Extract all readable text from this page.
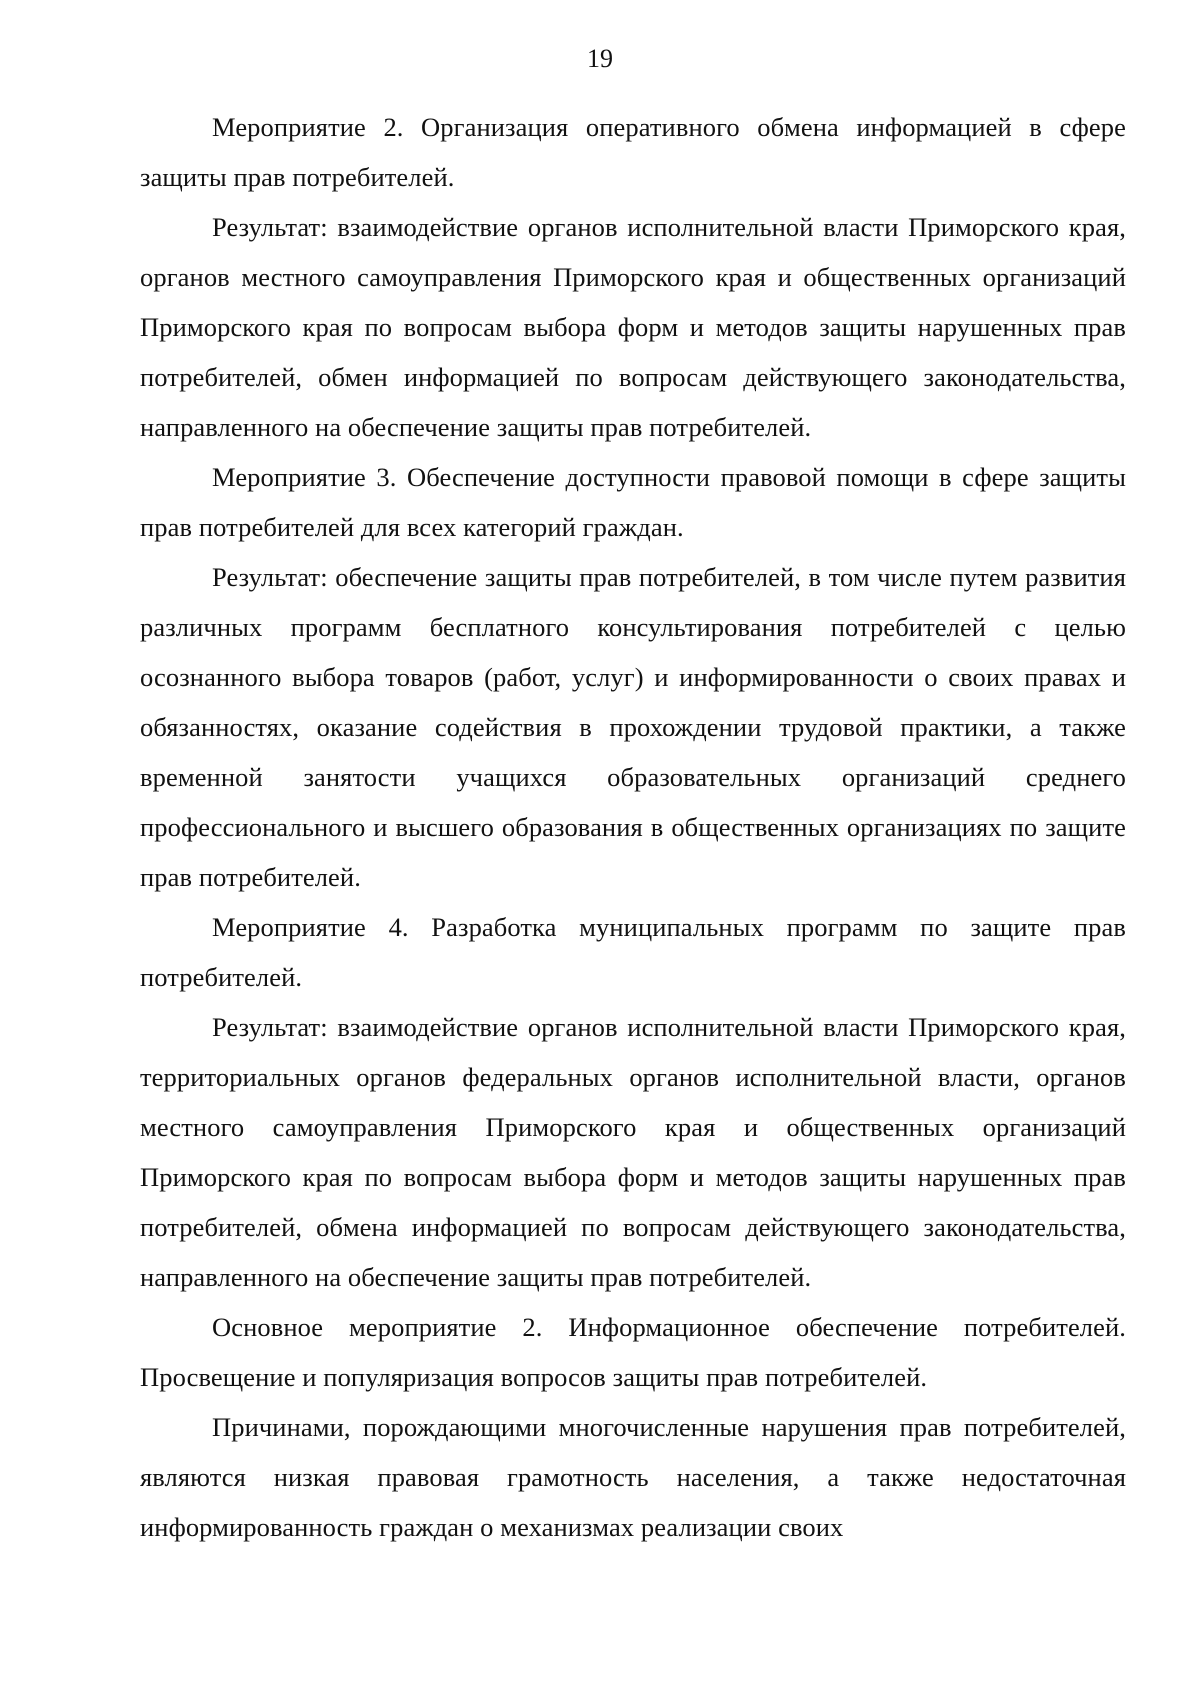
19

Мероприятие 2. Организация оперативного обмена информацией в сфере защиты прав потребителей.

Результат: взаимодействие органов исполнительной власти Приморского края, органов местного самоуправления Приморского края и общественных организаций Приморского края по вопросам выбора форм и методов защиты нарушенных прав потребителей, обмен информацией по вопросам действующего законодательства, направленного на обеспечение защиты прав потребителей.

Мероприятие 3. Обеспечение доступности правовой помощи в сфере защиты прав потребителей для всех категорий граждан.

Результат: обеспечение защиты прав потребителей, в том числе путем развития различных программ бесплатного консультирования потребителей с целью осознанного выбора товаров (работ, услуг) и информированности о своих правах и обязанностях, оказание содействия в прохождении трудовой практики, а также временной занятости учащихся образовательных организаций среднего профессионального и высшего образования в общественных организациях по защите прав потребителей.

Мероприятие 4. Разработка муниципальных программ по защите прав потребителей.

Результат: взаимодействие органов исполнительной власти Приморского края, территориальных органов федеральных органов исполнительной власти, органов местного самоуправления Приморского края и общественных организаций Приморского края по вопросам выбора форм и методов защиты нарушенных прав потребителей, обмена информацией по вопросам действующего законодательства, направленного на обеспечение защиты прав потребителей.

Основное мероприятие 2. Информационное обеспечение потребителей. Просвещение и популяризация вопросов защиты прав потребителей.

Причинами, порождающими многочисленные нарушения прав потребителей, являются низкая правовая грамотность населения, а также недостаточная информированность граждан о механизмах реализации своих
